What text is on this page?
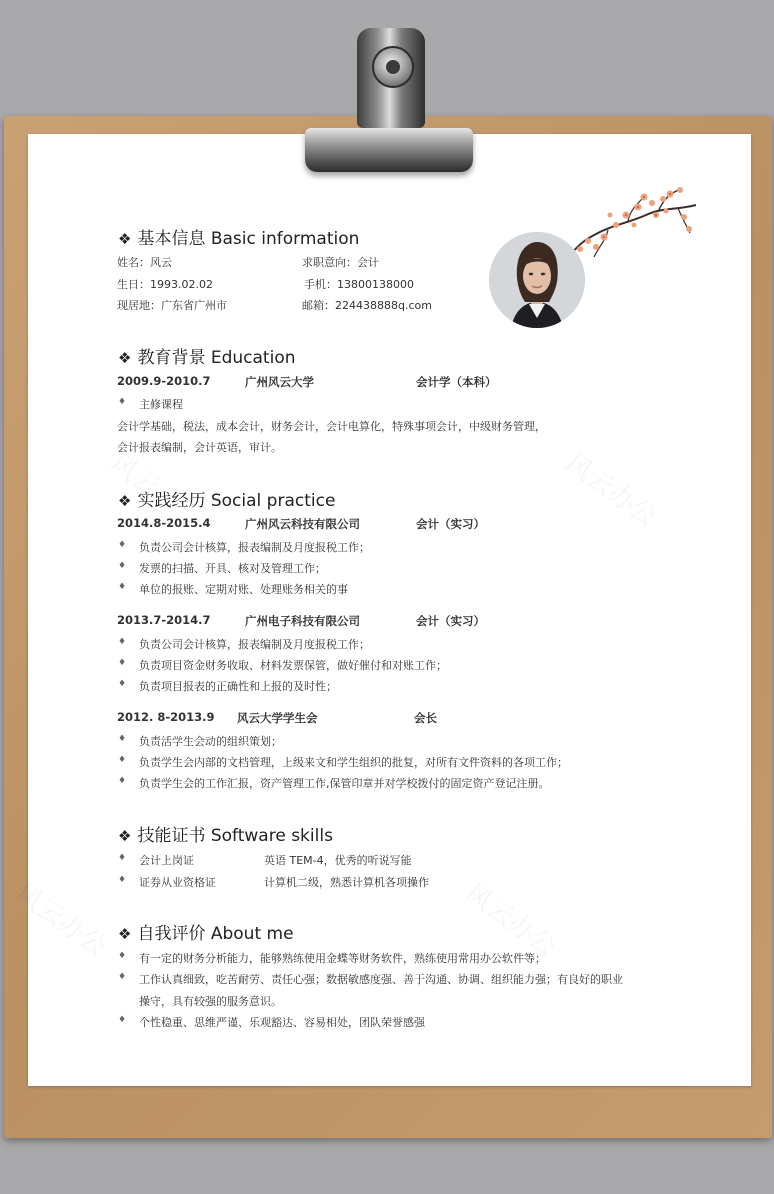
❖ 基本信息 Basic information
姓名：风云	求职意向：会计
生日：1993.02.02	手机：13800138000
现居地：广东省广州市	邮箱：224438888q.com
❖ 教育背景 Education
2009.9-2010.7	广州风云大学	会计学（本科）
♦ 主修课程
会计学基础，税法，成本会计，财务会计，会计电算化，特殊事项会计，中级财务管理，
会计报表编制，会计英语，审计。
❖ 实践经历 Social practice
2014.8-2015.4	广州风云科技有限公司	会计（实习）
♦ 负责公司会计核算，报表编制及月度报税工作；
♦ 发票的扫描、开具、核对及管理工作；
♦ 单位的报账、定期对账、处理账务相关的事
2013.7-2014.7	广州电子科技有限公司	会计（实习）
♦ 负责公司会计核算，报表编制及月度报税工作；
♦ 负责项目资金财务收取、材料发票保管，做好催付和对账工作；
♦ 负责项目报表的正确性和上报的及时性；
2012. 8-2013.9 风云大学学生会	会长
♦ 负责活学生会动的组织策划；
♦ 负责学生会内部的文档管理，上级来文和学生组织的批复，对所有文件资料的各项工作；
♦ 负责学生会的工作汇报，资产管理工作,保管印章并对学校拨付的固定资产登记注册。
❖ 技能证书 Software skills
♦ 会计上岗证	英语 TEM-4，优秀的听说写能
♦ 证券从业资格证	计算机二级，熟悉计算机各项操作
❖ 自我评价 About me
♦ 有一定的财务分析能力，能够熟练使用金蝶等财务软件，熟练使用常用办公软件等；
♦ 工作认真细致，吃苦耐劳、责任心强；数据敏感度强、善于沟通、协调、组织能力强；有良好的职业
操守，具有较强的服务意识。
♦ 个性稳重、思维严谨、乐观豁达、容易相处，团队荣誉感强
